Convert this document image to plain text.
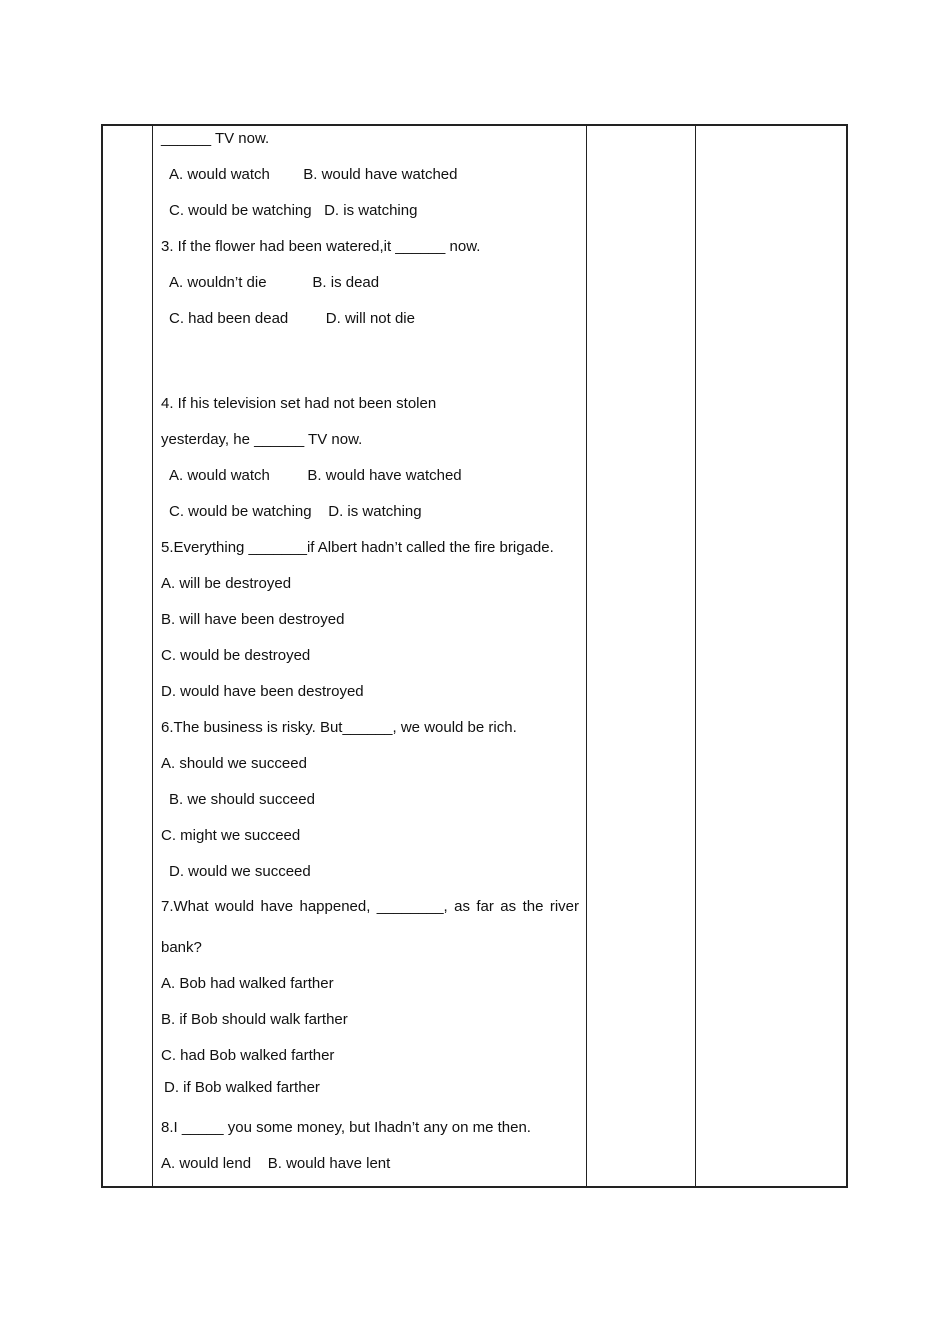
______ TV now.
A. would watch        B. would have watched
C. would be watching   D. is watching
3. If the flower had been watered,it ______ now.
A. wouldn’t die           B. is dead
C. had been dead         D. will not die
4. If his television set had not been stolen
yesterday, he ______ TV now.
A. would watch         B. would have watched
C. would be watching    D. is watching
5.Everything _______if Albert hadn’t called the fire brigade.
A. will be destroyed
B. will have been destroyed
C. would be destroyed
D. would have been destroyed
6.The business is risky. But______, we would be rich.
A. should we succeed
B. we should succeed
C. might we succeed
D. would we succeed
7.What would have happened, ________, as far as the river
bank?
A. Bob had walked farther
B. if Bob should walk farther
C. had Bob walked farther
D. if Bob walked farther
8.I _____ you some money, but Ihadn’t any on me then.
A. would lend    B. would have lent
